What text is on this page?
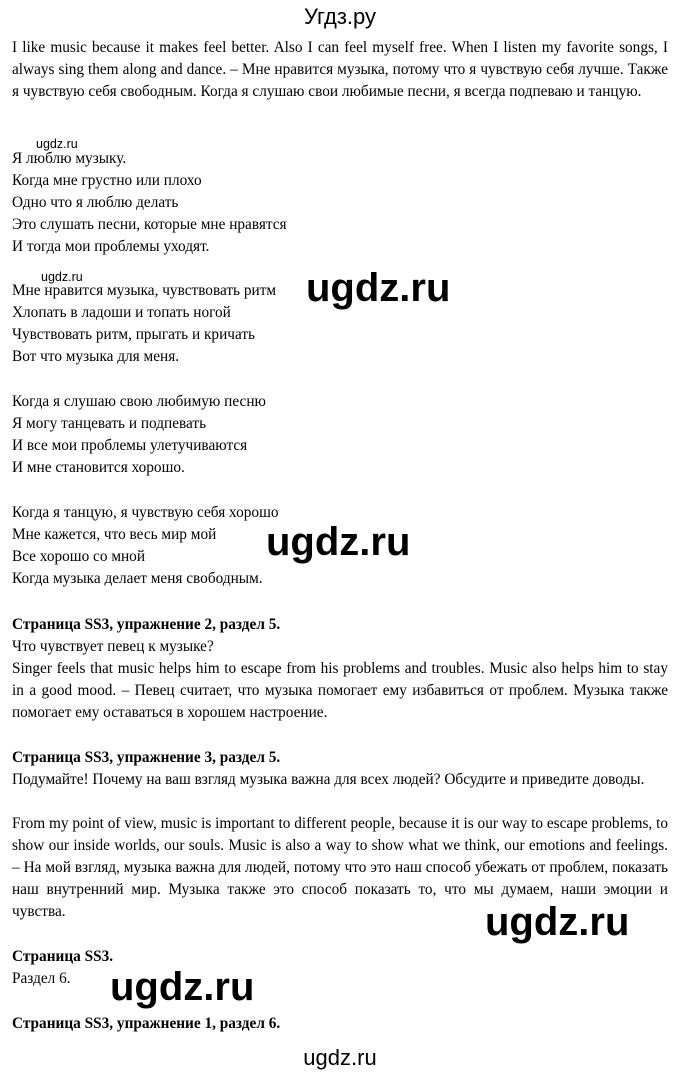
Угдз.ру
I like music because it makes feel better. Also I can feel myself free. When I listen my favorite songs, I always sing them along and dance. – Мне нравится музыка, потому что я чувствую себя лучше. Также я чувствую себя свободным. Когда я слушаю свои любимые песни, я всегда подпеваю и танцую.
ugdz.ru
Я люблю музыку.
Когда мне грустно или плохо
Одно что я люблю делать
Это слушать песни, которые мне нравятся
И тогда мои проблемы уходят.
ugdz.ru
Мне нравится музыка, чувствовать ритм
Хлопать в ладоши и топать ногой
Чувствовать ритм, прыгать и кричать
Вот что музыка для меня.
ugdz.ru
Когда я слушаю свою любимую песню
Я могу танцевать и подпевать
И все мои проблемы улетучиваются
И мне становится хорошо.
Когда я танцую, я чувствую себя хорошо
Мне кажется, что весь мир мой
Все хорошо со мной
Когда музыка делает меня свободным.
ugdz.ru
Страница SS3, упражнение 2, раздел 5.
Что чувствует певец к музыке?
Singer feels that music helps him to escape from his problems and troubles. Music also helps him to stay in a good mood. – Певец считает, что музыка помогает ему избавиться от проблем. Музыка также помогает ему оставаться в хорошем настроение.
Страница SS3, упражнение 3, раздел 5.
Подумайте! Почему на ваш взгляд музыка важна для всех людей? Обсудите и приведите доводы.
From my point of view, music is important to different people, because it is our way to escape problems, to show our inside worlds, our souls. Music is also a way to show what we think, our emotions and feelings. – На мой взгляд, музыка важна для людей, потому что это наш способ убежать от проблем, показать наш внутренний мир. Музыка также это способ показать то, что мы думаем, наши эмоции и чувства.	ugdz.ru
Страница SS3.
Раздел 6. ugdz.ru
Страница SS3, упражнение 1, раздел 6.
ugdz.ru
